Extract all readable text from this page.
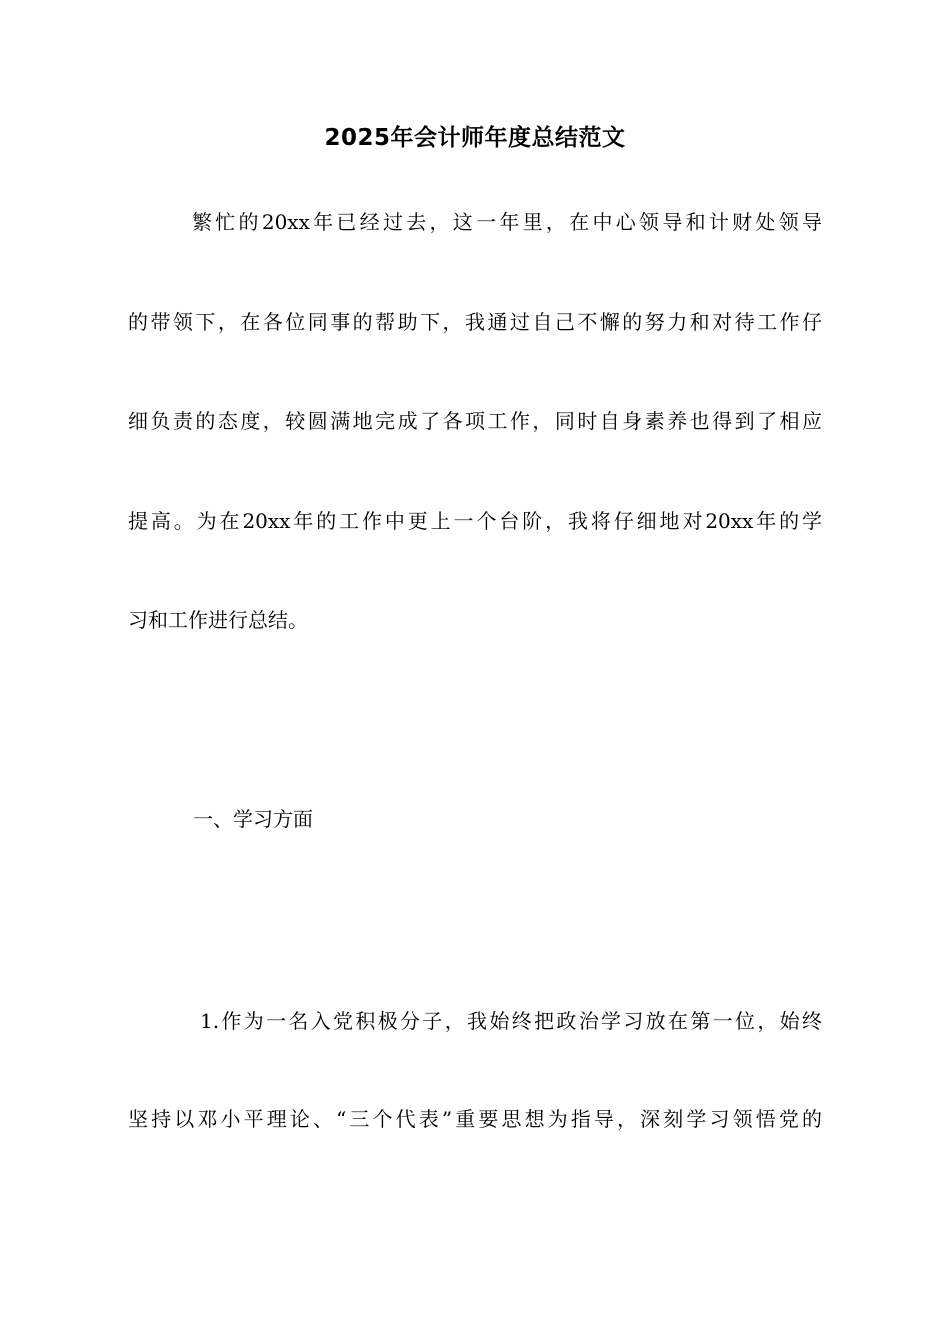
2025年会计师年度总结范文
繁忙的20xx年已经过去，这一年里，在中心领导和计财处领导
的带领下，在各位同事的帮助下，我通过自己不懈的努力和对待工作仔
细负责的态度，较圆满地完成了各项工作，同时自身素养也得到了相应
提高。为在20xx年的工作中更上一个台阶，我将仔细地对20xx年的学
习和工作进行总结。
一、学习方面
1.作为一名入党积极分子，我始终把政治学习放在第一位，始终
坚持以邓小平理论、“三个代表”重要思想为指导，深刻学习领悟党的
